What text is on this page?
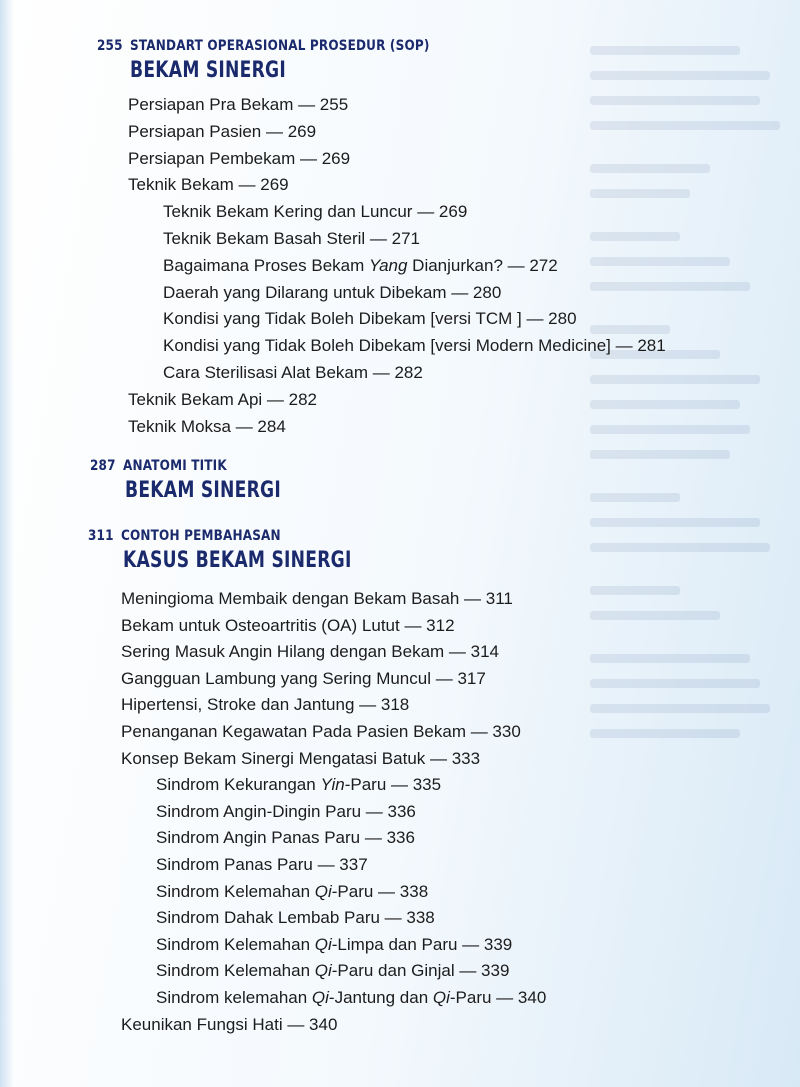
255 STANDART OPERASIONAL PROSEDUR (SOP)
BEKAM SINERGI
Persiapan Pra Bekam — 255
Persiapan Pasien — 269
Persiapan Pembekam — 269
Teknik Bekam — 269
Teknik Bekam Kering dan Luncur — 269
Teknik Bekam Basah Steril — 271
Bagaimana Proses Bekam Yang Dianjurkan? — 272
Daerah yang Dilarang untuk Dibekam — 280
Kondisi yang Tidak Boleh Dibekam [versi TCM ] — 280
Kondisi yang Tidak Boleh Dibekam [versi Modern Medicine] — 281
Cara Sterilisasi Alat Bekam — 282
Teknik Bekam Api — 282
Teknik Moksa — 284
287 ANATOMI TITIK
BEKAM SINERGI
311 CONTOH PEMBAHASAN
KASUS BEKAM SINERGI
Meningioma Membaik dengan Bekam Basah — 311
Bekam untuk Osteoartritis (OA) Lutut — 312
Sering Masuk Angin Hilang dengan Bekam — 314
Gangguan Lambung yang Sering Muncul — 317
Hipertensi, Stroke dan Jantung — 318
Penanganan Kegawatan Pada Pasien Bekam — 330
Konsep Bekam Sinergi Mengatasi Batuk — 333
Sindrom Kekurangan Yin-Paru — 335
Sindrom Angin-Dingin Paru — 336
Sindrom Angin Panas Paru — 336
Sindrom Panas Paru — 337
Sindrom Kelemahan Qi-Paru — 338
Sindrom Dahak Lembab Paru — 338
Sindrom Kelemahan Qi-Limpa dan Paru — 339
Sindrom Kelemahan Qi-Paru dan Ginjal — 339
Sindrom kelemahan Qi-Jantung dan Qi-Paru — 340
Keunikan Fungsi Hati — 340
